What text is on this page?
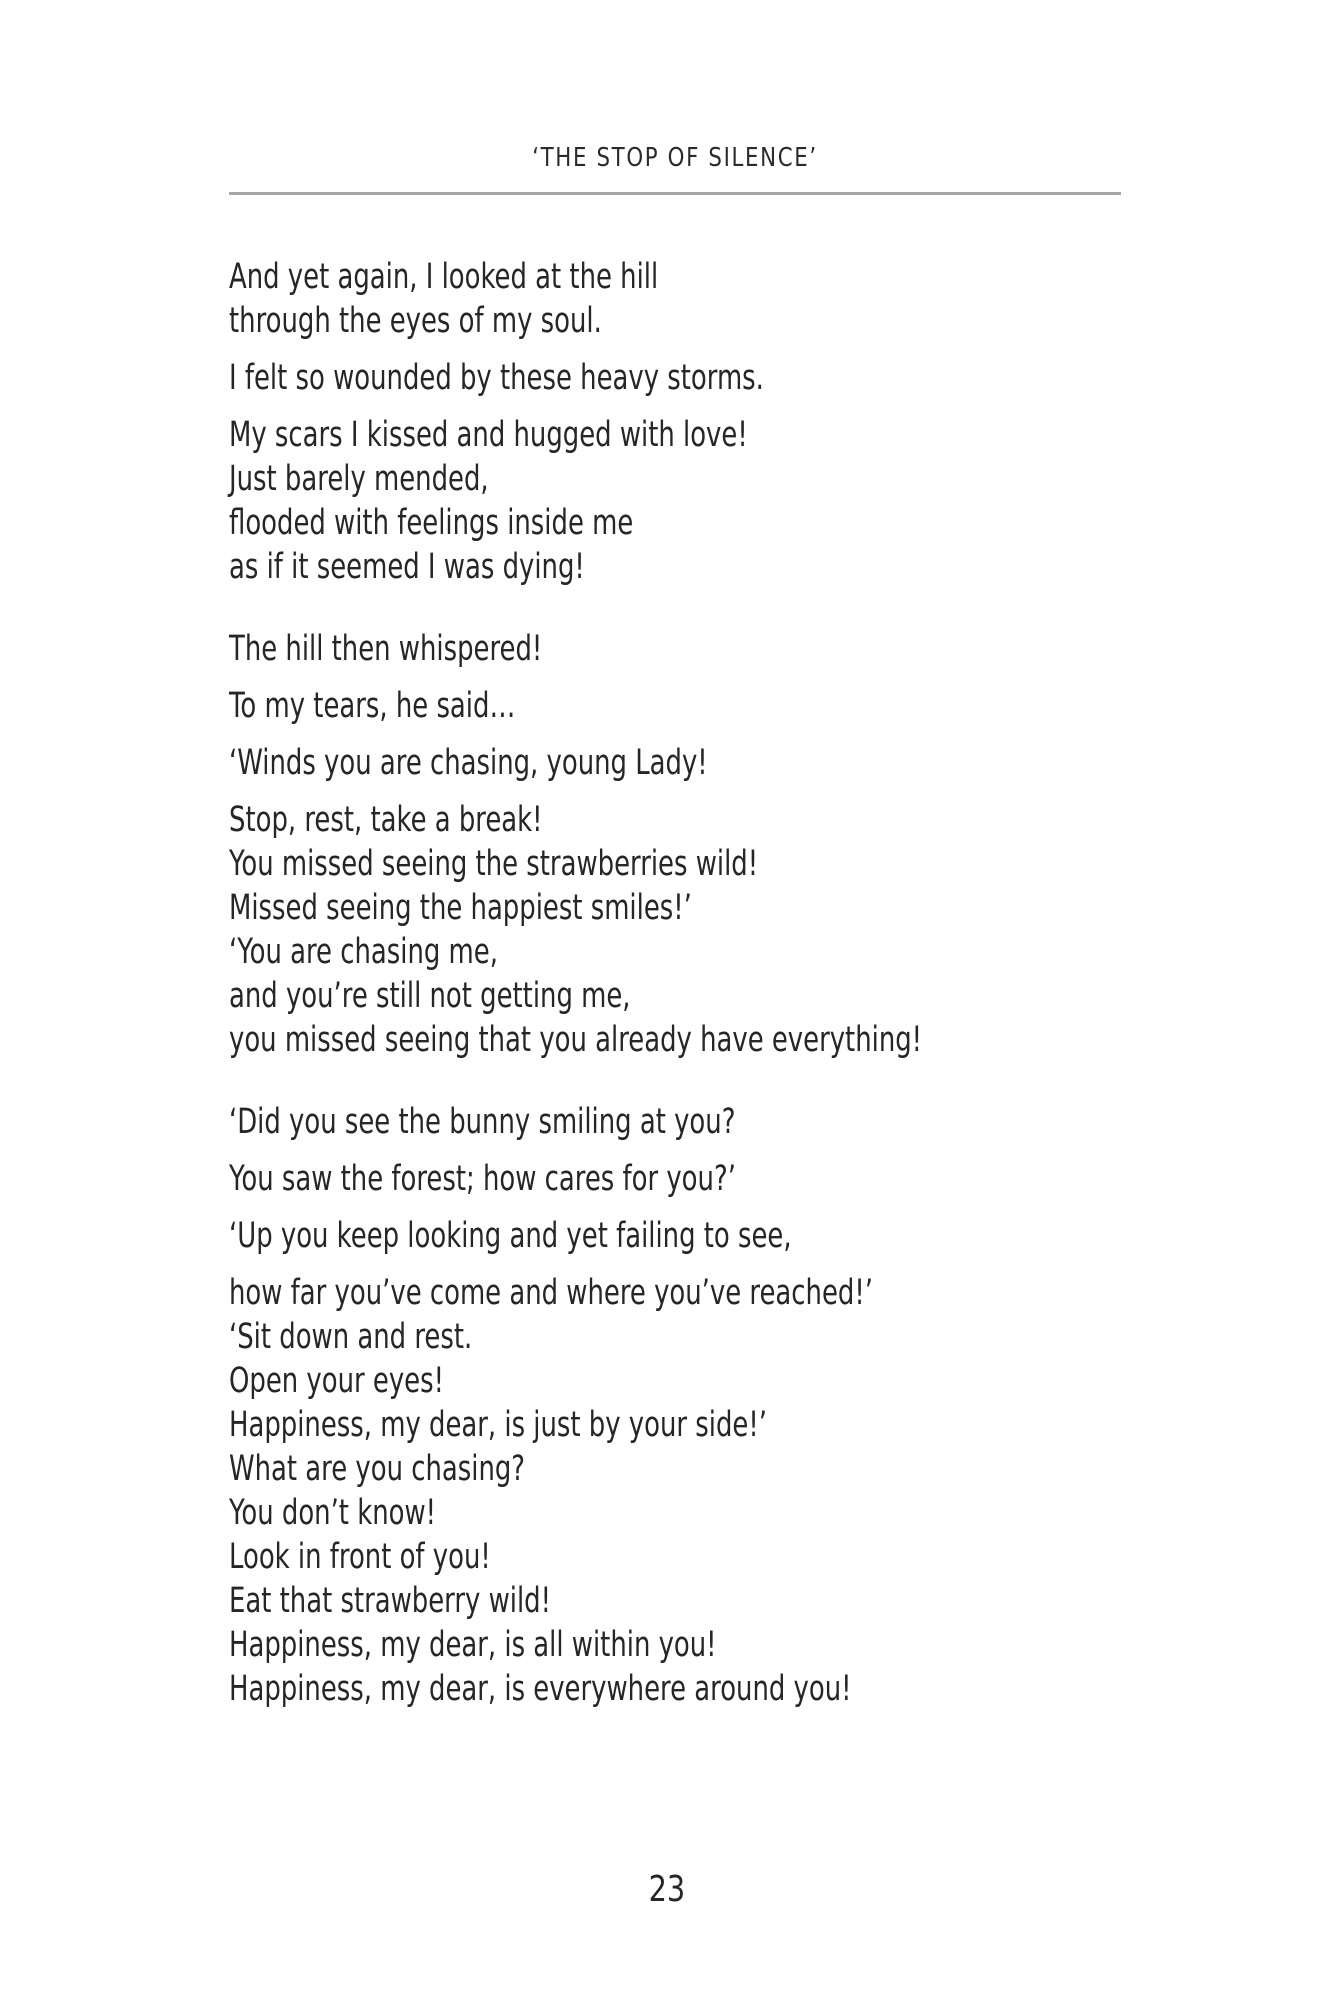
‘THE STOP OF SILENCE’
And yet again, I looked at the hill
through the eyes of my soul.
I felt so wounded by these heavy storms.
My scars I kissed and hugged with love!
Just barely mended,
flooded with feelings inside me
as if it seemed I was dying!
The hill then whispered!
To my tears, he said…
‘Winds you are chasing, young Lady!
Stop, rest, take a break!
You missed seeing the strawberries wild!
Missed seeing the happiest smiles!’
‘You are chasing me,
and you’re still not getting me,
you missed seeing that you already have everything!
‘Did you see the bunny smiling at you?
You saw the forest; how cares for you?’
‘Up you keep looking and yet failing to see,
how far you’ve come and where you’ve reached!’
‘Sit down and rest.
Open your eyes!
Happiness, my dear, is just by your side!’
What are you chasing?
You don’t know!
Look in front of you!
Eat that strawberry wild!
Happiness, my dear, is all within you!
Happiness, my dear, is everywhere around you!
23
